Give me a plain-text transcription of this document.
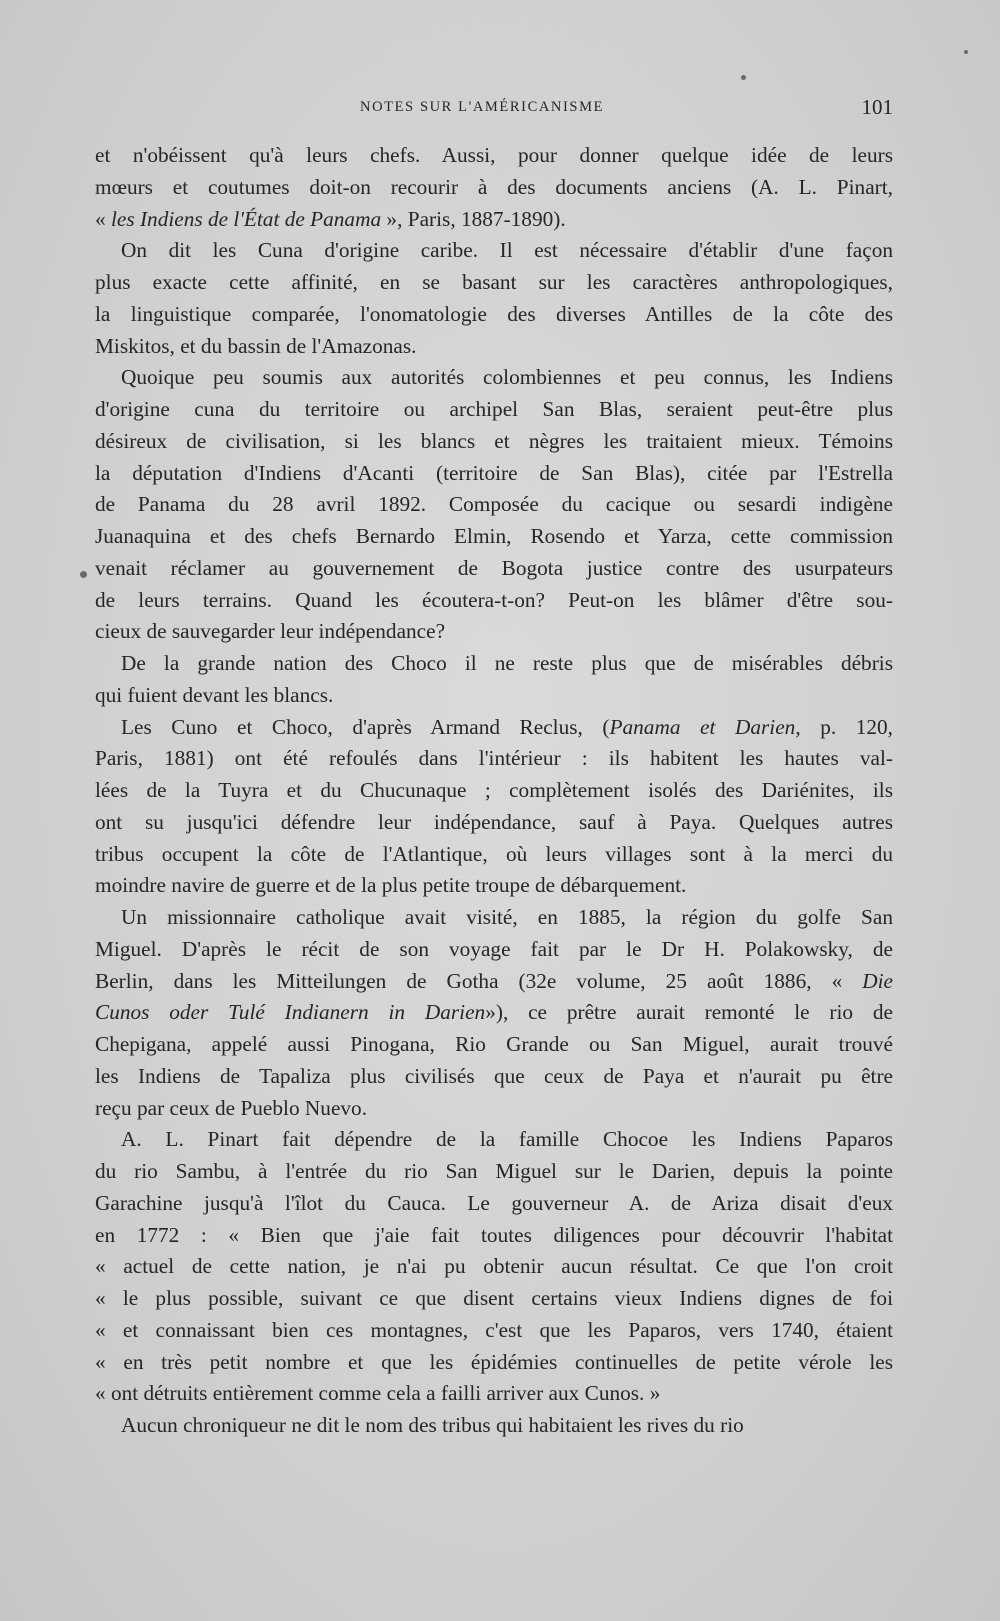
NOTES SUR L'AMÉRICANISME	101
et n'obéissent qu'à leurs chefs. Aussi, pour donner quelque idée de leurs
mœurs et coutumes doit-on recourir à des documents anciens (A. L. Pinart,
« les Indiens de l'État de Panama », Paris, 1887-1890).
On dit les Cuna d'origine caribe. Il est nécessaire d'établir d'une façon
plus exacte cette affinité, en se basant sur les caractères anthropologiques,
la linguistique comparée, l'onomatologie des diverses Antilles de la côte des
Miskitos, et du bassin de l'Amazonas.
Quoique peu soumis aux autorités colombiennes et peu connus, les Indiens
d'origine cuna du territoire ou archipel San Blas, seraient peut-être plus
désireux de civilisation, si les blancs et nègres les traitaient mieux. Témoins
la députation d'Indiens d'Acanti (territoire de San Blas), citée par l'Estrella
de Panama du 28 avril 1892. Composée du cacique ou sesardi indigène
Juanaquina et des chefs Bernardo Elmin, Rosendo et Yarza, cette commission
venait réclamer au gouvernement de Bogota justice contre des usurpateurs
de leurs terrains. Quand les écoutera-t-on? Peut-on les blâmer d'être sou-
cieux de sauvegarder leur indépendance?
De la grande nation des Choco il ne reste plus que de misérables débris
qui fuient devant les blancs.
Les Cuno et Choco, d'après Armand Reclus, (Panama et Darien, p. 120,
Paris, 1881) ont été refoulés dans l'intérieur : ils habitent les hautes val-
lées de la Tuyra et du Chucunaque ; complètement isolés des Dariénites, ils
ont su jusqu'ici défendre leur indépendance, sauf à Paya. Quelques autres
tribus occupent la côte de l'Atlantique, où leurs villages sont à la merci du
moindre navire de guerre et de la plus petite troupe de débarquement.
Un missionnaire catholique avait visité, en 1885, la région du golfe San
Miguel. D'après le récit de son voyage fait par le Dr H. Polakowsky, de
Berlin, dans les Mitteilungen de Gotha (32e volume, 25 août 1886, « Die
Cunos oder Tulé Indianern in Darien»), ce prêtre aurait remonté le rio de
Chepigana, appelé aussi Pinogana, Rio Grande ou San Miguel, aurait trouvé
les Indiens de Tapaliza plus civilisés que ceux de Paya et n'aurait pu être
reçu par ceux de Pueblo Nuevo.
A. L. Pinart fait dépendre de la famille Chocoe les Indiens Paparos
du rio Sambu, à l'entrée du rio San Miguel sur le Darien, depuis la pointe
Garachine jusqu'à l'îlot du Cauca. Le gouverneur A. de Ariza disait d'eux
en 1772 : « Bien que j'aie fait toutes diligences pour découvrir l'habitat
« actuel de cette nation, je n'ai pu obtenir aucun résultat. Ce que l'on croit
« le plus possible, suivant ce que disent certains vieux Indiens dignes de foi
« et connaissant bien ces montagnes, c'est que les Paparos, vers 1740, étaient
« en très petit nombre et que les épidémies continuelles de petite vérole les
« ont détruits entièrement comme cela a failli arriver aux Cunos. »
Aucun chroniqueur ne dit le nom des tribus qui habitaient les rives du rio
